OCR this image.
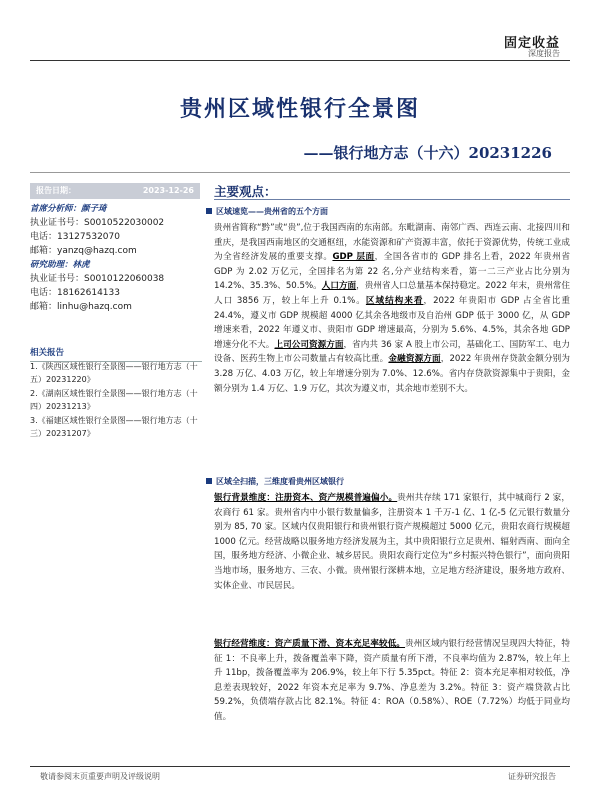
固定收益
深度报告
贵州区域性银行全景图
——银行地方志（十六）20231226
报告日期：	2023-12-26
首席分析师：颜子琦
执业证书号：S0010522030002
电话：13127532070
邮箱：yanzq@hazq.com
研究助理：林虎
执业证书号：S0010122060038
电话：18162614133
邮箱：linhu@hazq.com
相关报告
1.《陕西区域性银行全景图——银行地方志（十五）20231220》
2.《湖南区域性银行全景图——银行地方志（十四）20231213》
3.《福建区域性银行全景图——银行地方志（十三）20231207》
主要观点：
区域速览——贵州省的五个方面
贵州省简称“黔”或“贵”,位于我国西南的东南部。东毗湖南、南邻广西、西连云南、北接四川和重庆，是我国西南地区的交通枢纽，水能资源和矿产资源丰富，依托于资源优势，传统工业成为全省经济发展的重要支撑。GDP 层面，全国各省市的 GDP 排名上看，2022 年贵州省 GDP 为 2.02 万亿元，全国排名为第 22 名,分产业结构来看，第一二三产业占比分别为 14.2%、35.3%、50.5%。人口方面，贵州省人口总量基本保持稳定。2022 年末，贵州常住人口 3856 万，较上年上升 0.1%。区域结构来看，2022 年贵阳市 GDP 占全省比重 24.4%，遵义市 GDP 规模超 4000 亿其余各地级市及自治州 GDP 低于 3000 亿，从 GDP 增速来看，2022 年遵义市、贵阳市 GDP 增速最高，分别为 5.6%、4.5%，其余各地 GDP 增速分化不大。上司公司资源方面，省内共 36 家 A 股上市公司，基础化工、国防军工、电力设备、医药生物上市公司数量占有较高比重。金融资源方面，2022 年贵州存贷款金额分别为 3.28 万亿、4.03 万亿，较上年增速分别为 7.0%、12.6%。省内存贷款资源集中于贵阳，金额分别为 1.4 万亿、1.9 万亿，其次为遵义市，其余地市差别不大。
区域全扫描，三维度看贵州区域银行
银行背景维度：注册资本、资产规模普遍偏小。贵州共存续 171 家银行，其中城商行 2 家，农商行 61 家。贵州省内中小银行数量偏多，注册资本 1 千万-1 亿、1 亿-5 亿元银行数量分别为 85, 70 家。区域内仅贵阳银行和贵州银行资产规模超过 5000 亿元，贵阳农商行规模超 1000 亿元。经营战略以服务地方经济发展为主，其中贵阳银行立足贵州、辐射西南、面向全国，服务地方经济、小微企业、城乡居民。贵阳农商行定位为“乡村振兴特色银行”，面向贵阳当地市场，服务地方、三农、小微。贵州银行深耕本地，立足地方经济建设，服务地方政府、实体企业、市民居民。
银行经营维度：资产质量下滑、资本充足率较低。贵州区域内银行经营情况呈现四大特征，特征 1：不良率上升，拨备覆盖率下降，资产质量有所下滑，不良率均值为 2.87%，较上年上升 11bp，拨备覆盖率为 206.9%，较上年下行 5.35pct。特征 2：资本充足率相对较低，净息差表现较好，2022 年资本充足率为 9.7%、净息差为 3.2%。特征 3：资产端贷款占比 59.2%，负债端存款占比 82.1%。特征 4：ROA（0.58%）、ROE（7.72%）均低于同业均值。
敬请参阅末页重要声明及评级说明	证券研究报告
